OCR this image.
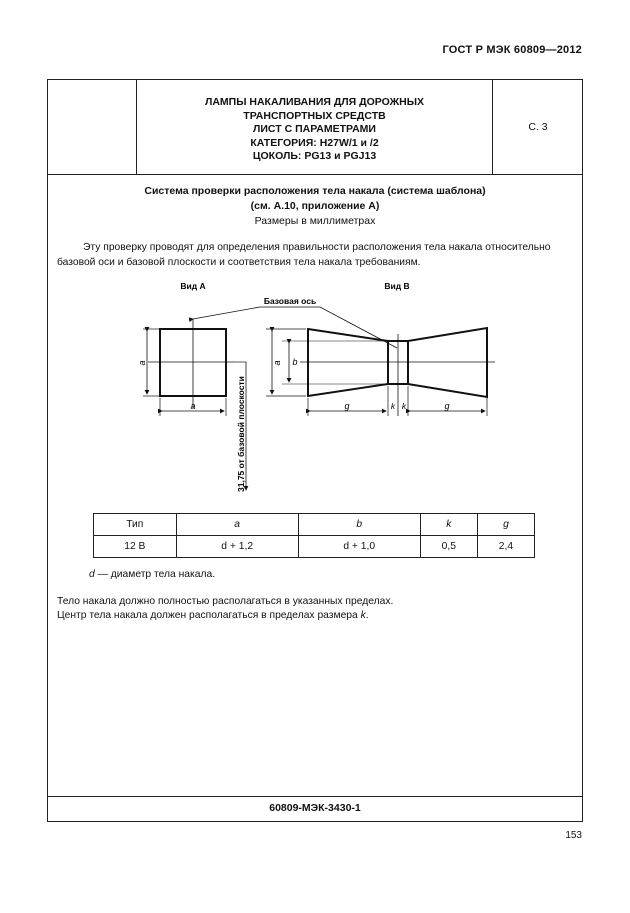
ГОСТ Р МЭК 60809—2012
ЛАМПЫ НАКАЛИВАНИЯ ДЛЯ ДОРОЖНЫХ
ТРАНСПОРТНЫХ СРЕДСТВ
ЛИСТ С ПАРАМЕТРАМИ
КАТЕГОРИЯ: H27W/1 и /2
ЦОКОЛЬ: PG13 и PGJ13
С. 3
Система проверки расположения тела накала (система шаблона)
(см. A.10, приложение A)
Размеры в миллиметрах
Эту проверку проводят для определения правильности расположения тела накала относительно базовой оси и базовой плоскости и соответствия тела накала требованиям.
Вид A
a
a	31,75 от базовой плоскости
Вид B
Базовая ось
a b
g	g
k k
Тип	a	b	k	g
12 В	d + 1,2	d + 1,0	0,5	2,4
d — диаметр тела накала.
Тело накала должно полностью располагаться в указанных пределах.
Центр тела накала должен располагаться в пределах размера k.
60809-МЭК-3430-1
153
